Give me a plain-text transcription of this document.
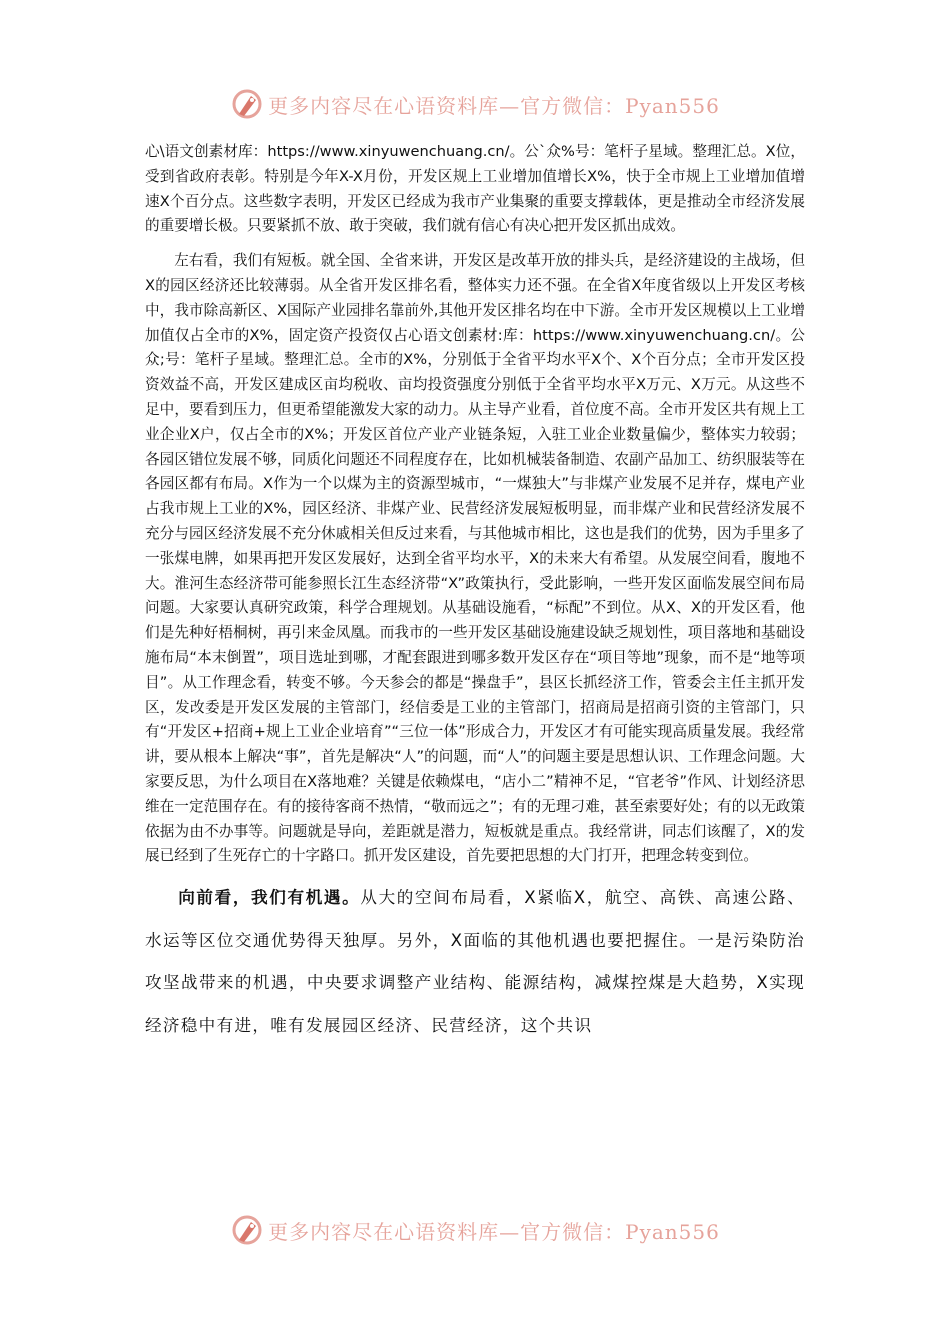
更多内容尽在心语资料库—官方微信：Pyan556

心\语文创素材库：https://www.xinyuwenchuang.cn/。公`众%号：笔杆子星域。整理汇总。X位，受到省政府表彰。特别是今年X-X月份，开发区规上工业增加值增长X%，快于全市规上工业增加值增速X个百分点。这些数字表明，开发区已经成为我市产业集聚的重要支撑载体，更是推动全市经济发展的重要增长极。只要紧抓不放、敢于突破，我们就有信心有决心把开发区抓出成效。

左右看，我们有短板。就全国、全省来讲，开发区是改革开放的排头兵，是经济建设的主战场，但X的园区经济还比较薄弱。从全省开发区排名看，整体实力还不强。在全省X年度省级以上开发区考核中，我市除高新区、X国际产业园排名靠前外,其他开发区排名均在中下游。全市开发区规模以上工业增加值仅占全市的X%，固定资产投资仅占心语文创素材:库：https://www.xinyuwenchuang.cn/。公众;号：笔杆子星域。整理汇总。全市的X%，分别低于全省平均水平X个、X个百分点；全市开发区投资效益不高，开发区建成区亩均税收、亩均投资强度分别低于全省平均水平X万元、X万元。从这些不足中，要看到压力，但更希望能激发大家的动力。从主导产业看，首位度不高。全市开发区共有规上工业企业X户，仅占全市的X%；开发区首位产业产业链条短，入驻工业企业数量偏少，整体实力较弱；各园区错位发展不够，同质化问题还不同程度存在，比如机械装备制造、农副产品加工、纺织服装等在各园区都有布局。X作为一个以煤为主的资源型城市，“一煤独大”与非煤产业发展不足并存，煤电产业占我市规上工业的X%，园区经济、非煤产业、民营经济发展短板明显，而非煤产业和民营经济发展不充分与园区经济发展不充分休戚相关但反过来看，与其他城市相比，这也是我们的优势，因为手里多了一张煤电牌，如果再把开发区发展好，达到全省平均水平，X的未来大有希望。从发展空间看，腹地不大。淮河生态经济带可能参照长江生态经济带“X”政策执行，受此影响，一些开发区面临发展空间布局问题。大家要认真研究政策，科学合理规划。从基础设施看，“标配”不到位。从X、X的开发区看，他们是先种好梧桐树，再引来金凤凰。而我市的一些开发区基础设施建设缺乏规划性，项目落地和基础设施布局“本末倒置”，项目选址到哪，才配套跟进到哪多数开发区存在“项目等地”现象，而不是“地等项目”。从工作理念看，转变不够。今天参会的都是“操盘手”，县区长抓经济工作，管委会主任主抓开发区，发改委是开发区发展的主管部门，经信委是工业的主管部门，招商局是招商引资的主管部门，只有“开发区+招商+规上工业企业培育”“三位一体”形成合力，开发区才有可能实现高质量发展。我经常讲，要从根本上解决“事”，首先是解决“人”的问题，而“人”的问题主要是思想认识、工作理念问题。大家要反思，为什么项目在X落地难？关键是依赖煤电，“店小二”精神不足，“官老爷”作风、计划经济思维在一定范围存在。有的接待客商不热情，“敬而远之”；有的无理刁难，甚至索要好处；有的以无政策依据为由不办事等。问题就是导向，差距就是潜力，短板就是重点。我经常讲，同志们该醒了，X的发展已经到了生死存亡的十字路口。抓开发区建设，首先要把思想的大门打开，把理念转变到位。

向前看，我们有机遇。从大的空间布局看，X紧临X，航空、高铁、高速公路、水运等区位交通优势得天独厚。另外，X面临的其他机遇也要把握住。一是污染防治攻坚战带来的机遇，中央要求调整产业结构、能源结构，减煤控煤是大趋势，X实现经济稳中有进，唯有发展园区经济、民营经济，这个共识

更多内容尽在心语资料库—官方微信：Pyan556
